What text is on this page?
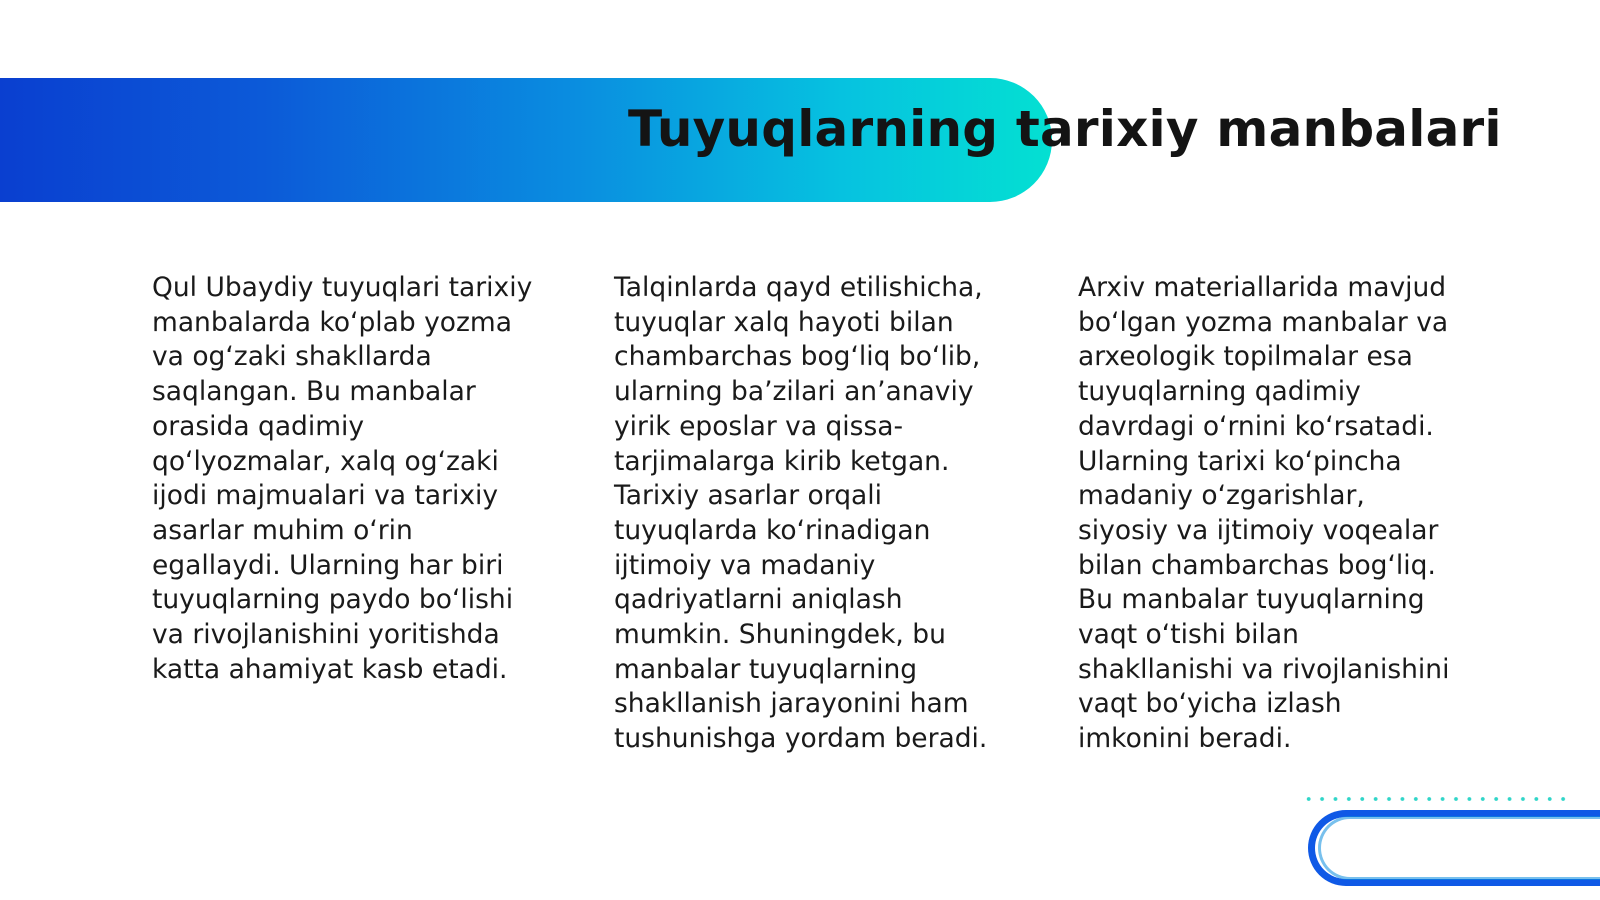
Tuyuqlarning tarixiy manbalari

Qul Ubaydiy tuyuqlari tarixiy manbalarda ko‘plab yozma va og‘zaki shakllarda saqlangan. Bu manbalar orasida qadimiy qo‘lyozmalar, xalq og‘zaki ijodi majmualari va tarixiy asarlar muhim o‘rin egallaydi. Ularning har biri tuyuqlarning paydo bo‘lishi va rivojlanishini yoritishda katta ahamiyat kasb etadi.

Talqinlarda qayd etilishicha, tuyuqlar xalq hayoti bilan chambarchas bog‘liq bo‘lib, ularning ba’zilari an’anaviy yirik eposlar va qissa-tarjimalarga kirib ketgan. Tarixiy asarlar orqali tuyuqlarda ko‘rinadigan ijtimoiy va madaniy qadriyatlarni aniqlash mumkin. Shuningdek, bu manbalar tuyuqlarning shakllanish jarayonini ham tushunishga yordam beradi.

Arxiv materiallarida mavjud bo‘lgan yozma manbalar va arxeologik topilmalar esa tuyuqlarning qadimiy davrdagi o‘rnini ko‘rsatadi. Ularning tarixi ko‘pincha madaniy o‘zgarishlar, siyosiy va ijtimoiy voqealar bilan chambarchas bog‘liq. Bu manbalar tuyuqlarning vaqt o‘tishi bilan shakllanishi va rivojlanishini vaqt bo‘yicha izlash imkonini beradi.
